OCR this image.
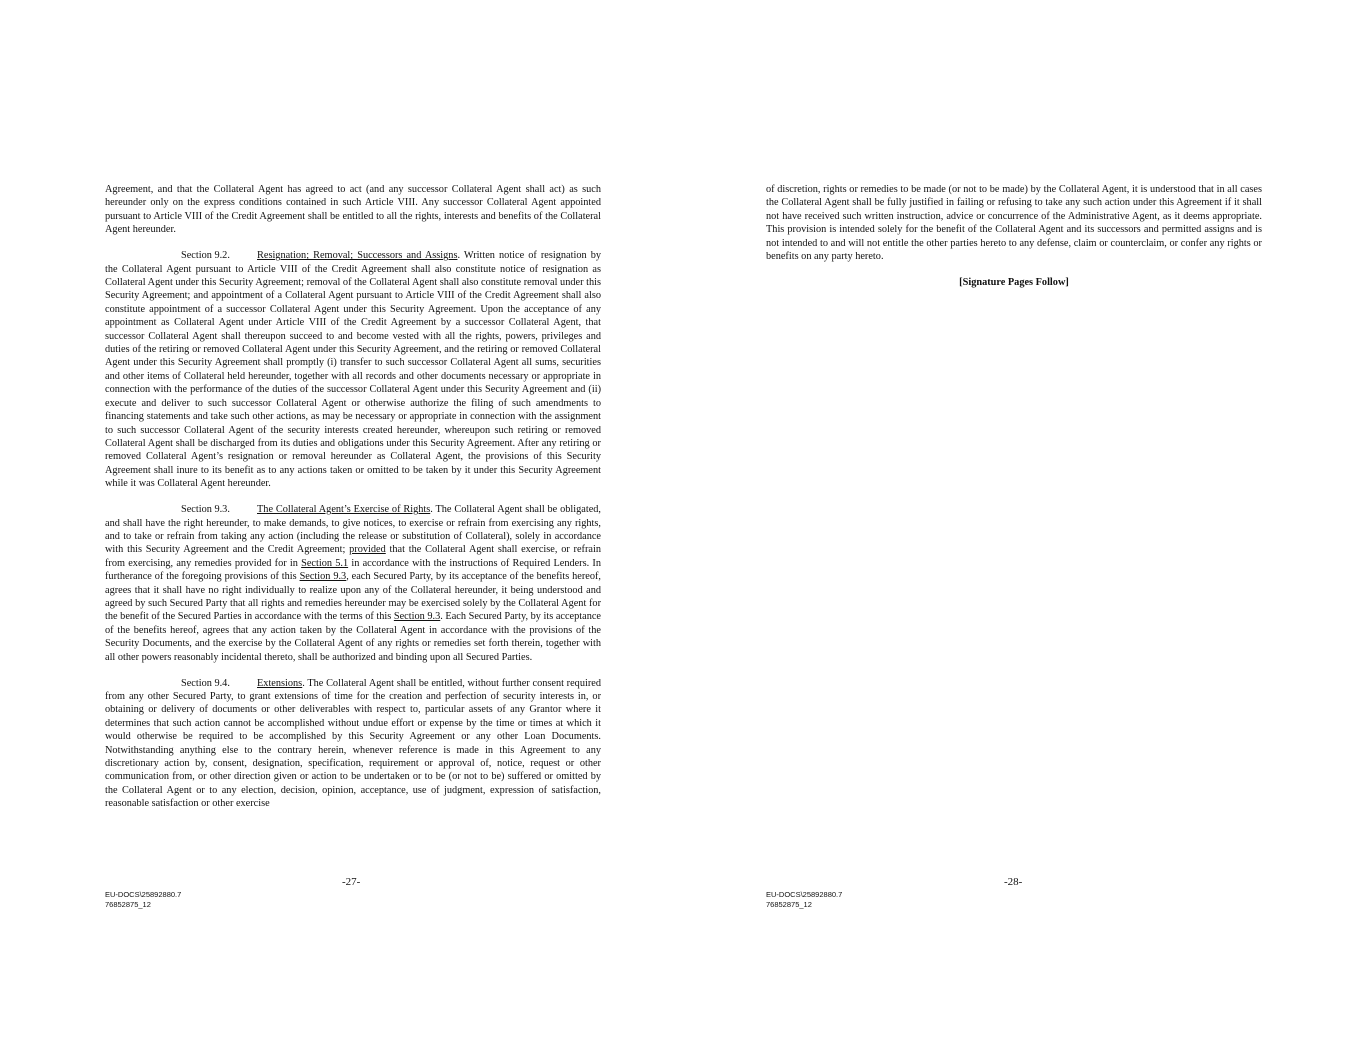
Agreement, and that the Collateral Agent has agreed to act (and any successor Collateral Agent shall act) as such hereunder only on the express conditions contained in such Article VIII. Any successor Collateral Agent appointed pursuant to Article VIII of the Credit Agreement shall be entitled to all the rights, interests and benefits of the Collateral Agent hereunder.

Section 9.2.	Resignation; Removal; Successors and Assigns. Written notice of resignation by the Collateral Agent pursuant to Article VIII of the Credit Agreement shall also constitute notice of resignation as Collateral Agent under this Security Agreement; removal of the Collateral Agent shall also constitute removal under this Security Agreement; and appointment of a Collateral Agent pursuant to Article VIII of the Credit Agreement shall also constitute appointment of a successor Collateral Agent under this Security Agreement. Upon the acceptance of any appointment as Collateral Agent under Article VIII of the Credit Agreement by a successor Collateral Agent, that successor Collateral Agent shall thereupon succeed to and become vested with all the rights, powers, privileges and duties of the retiring or removed Collateral Agent under this Security Agreement, and the retiring or removed Collateral Agent under this Security Agreement shall promptly (i) transfer to such successor Collateral Agent all sums, securities and other items of Collateral held hereunder, together with all records and other documents necessary or appropriate in connection with the performance of the duties of the successor Collateral Agent under this Security Agreement and (ii) execute and deliver to such successor Collateral Agent or otherwise authorize the filing of such amendments to financing statements and take such other actions, as may be necessary or appropriate in connection with the assignment to such successor Collateral Agent of the security interests created hereunder, whereupon such retiring or removed Collateral Agent shall be discharged from its duties and obligations under this Security Agreement. After any retiring or removed Collateral Agent’s resignation or removal hereunder as Collateral Agent, the provisions of this Security Agreement shall inure to its benefit as to any actions taken or omitted to be taken by it under this Security Agreement while it was Collateral Agent hereunder.

Section 9.3.	The Collateral Agent’s Exercise of Rights. The Collateral Agent shall be obligated, and shall have the right hereunder, to make demands, to give notices, to exercise or refrain from exercising any rights, and to take or refrain from taking any action (including the release or substitution of Collateral), solely in accordance with this Security Agreement and the Credit Agreement; provided that the Collateral Agent shall exercise, or refrain from exercising, any remedies provided for in Section 5.1 in accordance with the instructions of Required Lenders. In furtherance of the foregoing provisions of this Section 9.3, each Secured Party, by its acceptance of the benefits hereof, agrees that it shall have no right individually to realize upon any of the Collateral hereunder, it being understood and agreed by such Secured Party that all rights and remedies hereunder may be exercised solely by the Collateral Agent for the benefit of the Secured Parties in accordance with the terms of this Section 9.3. Each Secured Party, by its acceptance of the benefits hereof, agrees that any action taken by the Collateral Agent in accordance with the provisions of the Security Documents, and the exercise by the Collateral Agent of any rights or remedies set forth therein, together with all other powers reasonably incidental thereto, shall be authorized and binding upon all Secured Parties.

Section 9.4.	Extensions. The Collateral Agent shall be entitled, without further consent required from any other Secured Party, to grant extensions of time for the creation and perfection of security interests in, or obtaining or delivery of documents or other deliverables with respect to, particular assets of any Grantor where it determines that such action cannot be accomplished without undue effort or expense by the time or times at which it would otherwise be required to be accomplished by this Security Agreement or any other Loan Documents. Notwithstanding anything else to the contrary herein, whenever reference is made in this Agreement to any discretionary action by, consent, designation, specification, requirement or approval of, notice, request or other communication from, or other direction given or action to be undertaken or to be (or not to be) suffered or omitted by the Collateral Agent or to any election, decision, opinion, acceptance, use of judgment, expression of satisfaction, reasonable satisfaction or other exercise

-27-
EU-DOCS\25892880.7
76852875_12

of discretion, rights or remedies to be made (or not to be made) by the Collateral Agent, it is understood that in all cases the Collateral Agent shall be fully justified in failing or refusing to take any such action under this Agreement if it shall not have received such written instruction, advice or concurrence of the Administrative Agent, as it deems appropriate. This provision is intended solely for the benefit of the Collateral Agent and its successors and permitted assigns and is not intended to and will not entitle the other parties hereto to any defense, claim or counterclaim, or confer any rights or benefits on any party hereto.

[Signature Pages Follow]
-28-
EU-DOCS\25892880.7
76852875_12
